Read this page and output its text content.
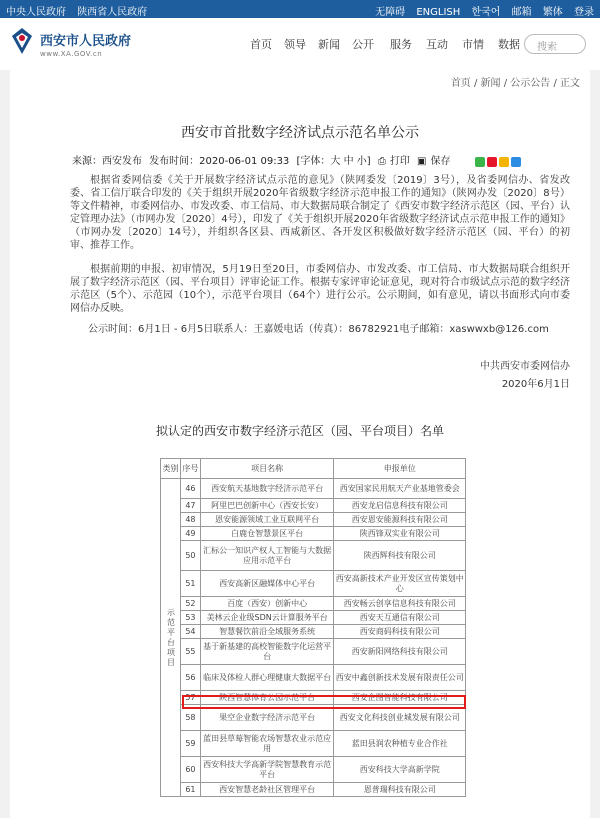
中央人民政府 陕西省人民政府	无障碍 ENGLISH 한국어 邮箱 繁体 登录
西安市人民政府
www.XA.GOV.cn
首页 领导 新闻 公开 服务 互动 市情 数据	搜索
首页 / 新闻 / 公示公告 / 正文
西安市首批数字经济试点示范名单公示
来源：西安发布 发布时间：2020-06-01 09:33 [字体：大 中 小] ⎙ 打印 ▣ 保存

根据省委网信委《关于开展数字经济试点示范的意见》（陕网委发〔2019〕3号），及省委网信办、省发改委、省工信厅联合印发的《关于组织开展2020年省级数字经济示范申报工作的通知》（陕网办发〔2020〕8号）等文件精神，市委网信办、市发改委、市工信局、市大数据局联合制定了《西安市数字经济示范区（园、平台）认定管理办法》（市网办发〔2020〕4号），印发了《关于组织开展2020年省级数字经济试点示范申报工作的通知》（市网办发〔2020〕14号），并组织各区县、西咸新区、各开发区积极做好数字经济示范区（园、平台）的初审、推荐工作。

根据前期的申报、初审情况，5月19日至20日，市委网信办、市发改委、市工信局、市大数据局联合组织开展了数字经济示范区（园、平台项目）评审论证工作。根据专家评审论证意见，现对符合市级试点示范的数字经济示范区（5个）、示范园（10个），示范平台项目（64个）进行公示。公示期间，如有意见，请以书面形式向市委网信办反映。

公示时间：6月1日 - 6月5日联系人：王嘉媛电话（传真）：86782921电子邮箱：xaswwxb@126.com

中共西安市委网信办
2020年6月1日
拟认定的西安市数字经济示范区（园、平台项目）名单
类别	序号	项目名称	申报单位
示范平台项目	46	西安航天基地数字经济示范平台	西安国家民用航天产业基地管委会
	47	阿里巴巴创新中心（西安长安）	西安龙启信息科技有限公司
	48	恩安能源领域工业互联网平台	西安恩安能源科技有限公司
	49	白鹿仓智慧景区平台	陕西锋双实业有限公司
	50	汇标公一知识产权人工智能与大数据应用示范平台	陕西辉科技有限公司
	51	西安高新区融媒体中心平台	西安高新技术产业开发区宣传策划中心
	52	百度（西安）创新中心	西安畅云创享信息科技有限公司
	53	美林云企业级SDN云计算服务平台	西安天互通信有限公司
	54	智慧餐饮前沿全域服务系统	西安商码科技有限公司
	55	基于新基建的高校智能数字化运营平台	西安新阳网络科技有限公司
	56	临床及体检人群心理健康大数据平台	西安中鑫创新技术发展有限责任公司
	57	陕西智慧体育公园示范平台	西安企图智能科技有限公司
	58	果空企业数字经济示范平台	西安文化科技创业城发展有限公司
	59	蓝田县草莓智能农场智慧农业示范应用	蓝田县润农种植专业合作社
	60	西安科技大学高新学院智慧教育示范平台	西安科技大学高新学院
	61	西安智慧老龄社区管理平台	恩普瑞科技有限公司
